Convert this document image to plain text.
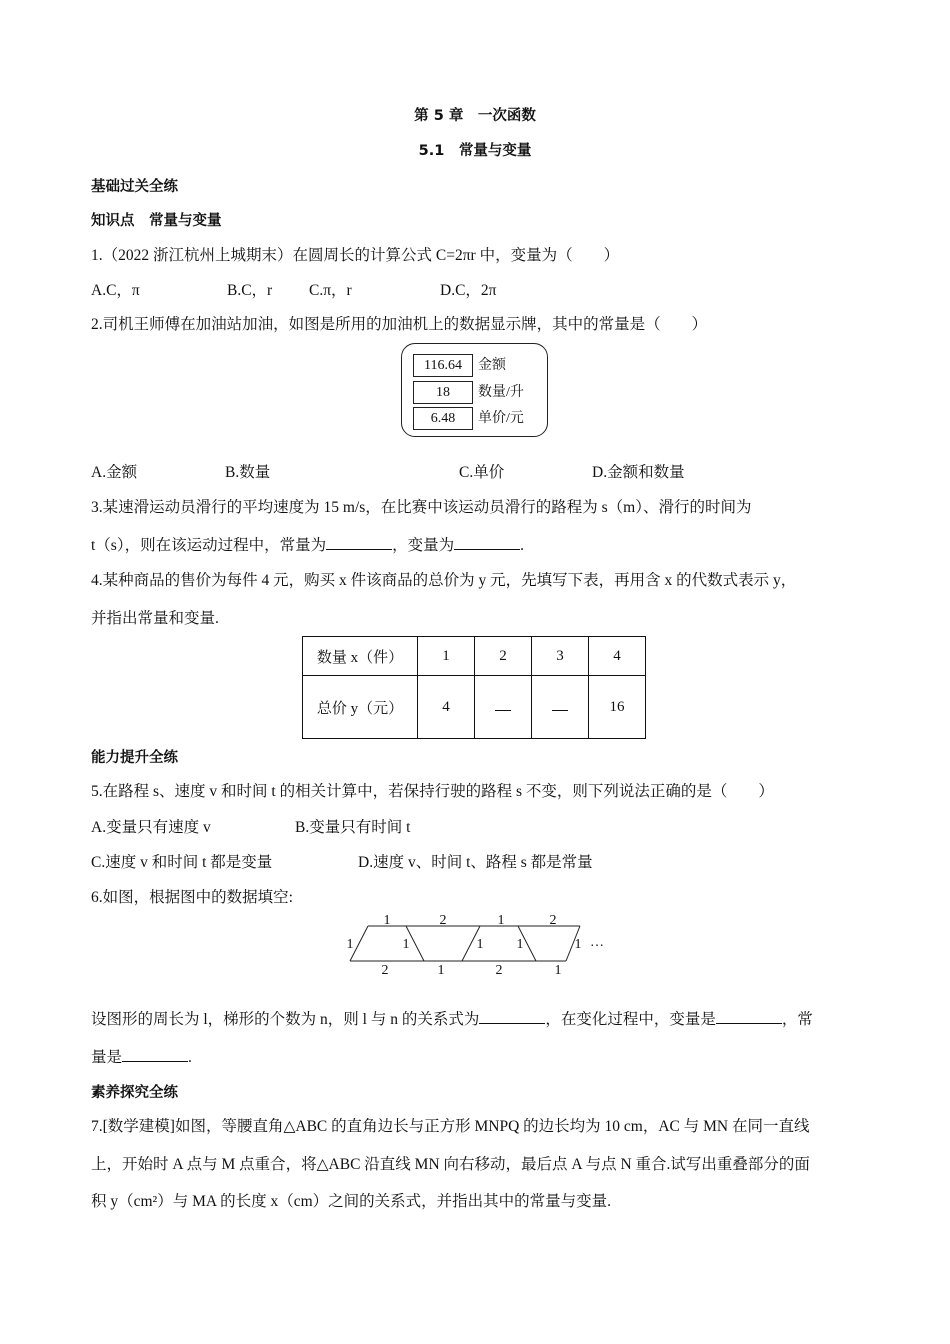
第 5 章　一次函数
5.1　常量与变量
基础过关全练
知识点　常量与变量
1.（2022 浙江杭州上城期末）在圆周长的计算公式 C=2πr 中，变量为（　　）
A.C，π	B.C，r C.π，r	D.C，2π
2.司机王师傅在加油站加油，如图是所用的加油机上的数据显示牌，其中的常量是（　　）
116.64	金额
18	数量/升
6.48	单价/元
A.金额	B.数量	C.单价	D.金额和数量
3.某速滑运动员滑行的平均速度为 15 m/s，在比赛中该运动员滑行的路程为 s（m）、滑行的时间为
t（s），则在该运动过程中，常量为	，变量为	.
4.某种商品的售价为每件 4 元，购买 x 件该商品的总价为 y 元，先填写下表，再用含 x 的代数式表示 y，
并指出常量和变量.
数量 x（件）	1	2	3	4
总价 y（元）	4			16
能力提升全练
5.在路程 s、速度 v 和时间 t 的相关计算中，若保持行驶的路程 s 不变，则下列说法正确的是（　　）
A.变量只有速度 v	B.变量只有时间 t
C.速度 v 和时间 t 都是变量	D.速度 v、时间 t、路程 s 都是常量
6.如图，根据图中的数据填空:
1	2	1	2
1	1	1 1	1 …
2	1	2	1
设图形的周长为 l，梯形的个数为 n，则 l 与 n 的关系式为	，在变化过程中，变量是	，常
量是	.
素养探究全练
7.[数学建模]如图，等腰直角△ABC 的直角边长与正方形 MNPQ 的边长均为 10 cm，AC 与 MN 在同一直线
上，开始时 A 点与 M 点重合，将△ABC 沿直线 MN 向右移动，最后点 A 与点 N 重合.试写出重叠部分的面
积 y（cm²）与 MA 的长度 x（cm）之间的关系式，并指出其中的常量与变量.
